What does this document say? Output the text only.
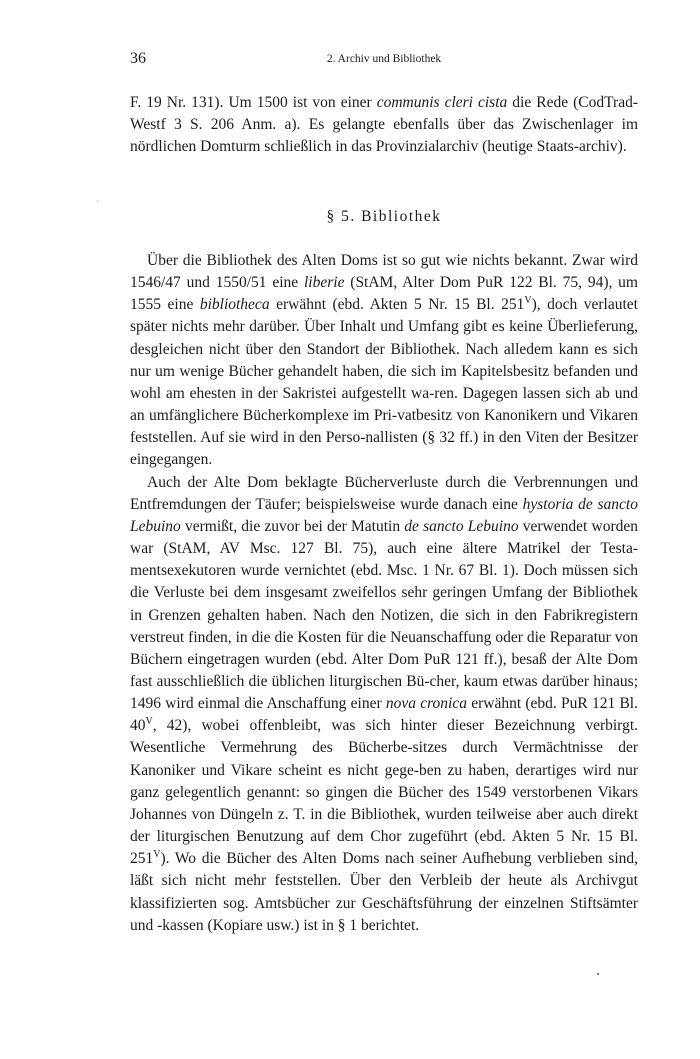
36	2. Archiv und Bibliothek

F. 19 Nr. 131). Um 1500 ist von einer communis cleri cista die Rede (CodTrad-Westf 3 S. 206 Anm. a). Es gelangte ebenfalls über das Zwischenlager im nördlichen Domturm schließlich in das Provinzialarchiv (heutige Staats-archiv).

§ 5. Bibliothek

Über die Bibliothek des Alten Doms ist so gut wie nichts bekannt. Zwar wird 1546/47 und 1550/51 eine liberie (StAM, Alter Dom PuR 122 Bl. 75, 94), um 1555 eine bibliotheca erwähnt (ebd. Akten 5 Nr. 15 Bl. $251^V$), doch verlautet später nichts mehr darüber. Über Inhalt und Umfang gibt es keine Überlieferung, desgleichen nicht über den Standort der Bibliothek. Nach alledem kann es sich nur um wenige Bücher gehandelt haben, die sich im Kapitelsbesitz befanden und wohl am ehesten in der Sakristei aufgestellt wa-ren. Dagegen lassen sich ab und an umfänglichere Bücherkomplexe im Pri-vatbesitz von Kanonikern und Vikaren feststellen. Auf sie wird in den Perso-nallisten (§ 32 ff.) in den Viten der Besitzer eingegangen.

Auch der Alte Dom beklagte Bücherverluste durch die Verbrennungen und Entfremdungen der Täufer; beispielsweise wurde danach eine hystoria de sancto Lebuino vermißt, die zuvor bei der Matutin de sancto Lebuino verwendet worden war (StAM, AV Msc. 127 Bl. 75), auch eine ältere Matrikel der Testa-mentsexekutoren wurde vernichtet (ebd. Msc. 1 Nr. 67 Bl. 1). Doch müssen sich die Verluste bei dem insgesamt zweifellos sehr geringen Umfang der Bibliothek in Grenzen gehalten haben. Nach den Notizen, die sich in den Fabrikregistern verstreut finden, in die die Kosten für die Neuanschaffung oder die Reparatur von Büchern eingetragen wurden (ebd. Alter Dom PuR 121 ff.), besaß der Alte Dom fast ausschließlich die üblichen liturgischen Bü-cher, kaum etwas darüber hinaus; 1496 wird einmal die Anschaffung einer nova cronica erwähnt (ebd. PuR 121 Bl. $40^V$, 42), wobei offenbleibt, was sich hinter dieser Bezeichnung verbirgt. Wesentliche Vermehrung des Bücherbe-sitzes durch Vermächtnisse der Kanoniker und Vikare scheint es nicht gege-ben zu haben, derartiges wird nur ganz gelegentlich genannt: so gingen die Bücher des 1549 verstorbenen Vikars Johannes von Düngeln z. T. in die Bibliothek, wurden teilweise aber auch direkt der liturgischen Benutzung auf dem Chor zugeführt (ebd. Akten 5 Nr. 15 Bl. $251^V$). Wo die Bücher des Alten Doms nach seiner Aufhebung verblieben sind, läßt sich nicht mehr feststellen. Über den Verbleib der heute als Archivgut klassifizierten sog. Amtsbücher zur Geschäftsführung der einzelnen Stiftsämter und -kassen (Kopiare usw.) ist in § 1 berichtet.
